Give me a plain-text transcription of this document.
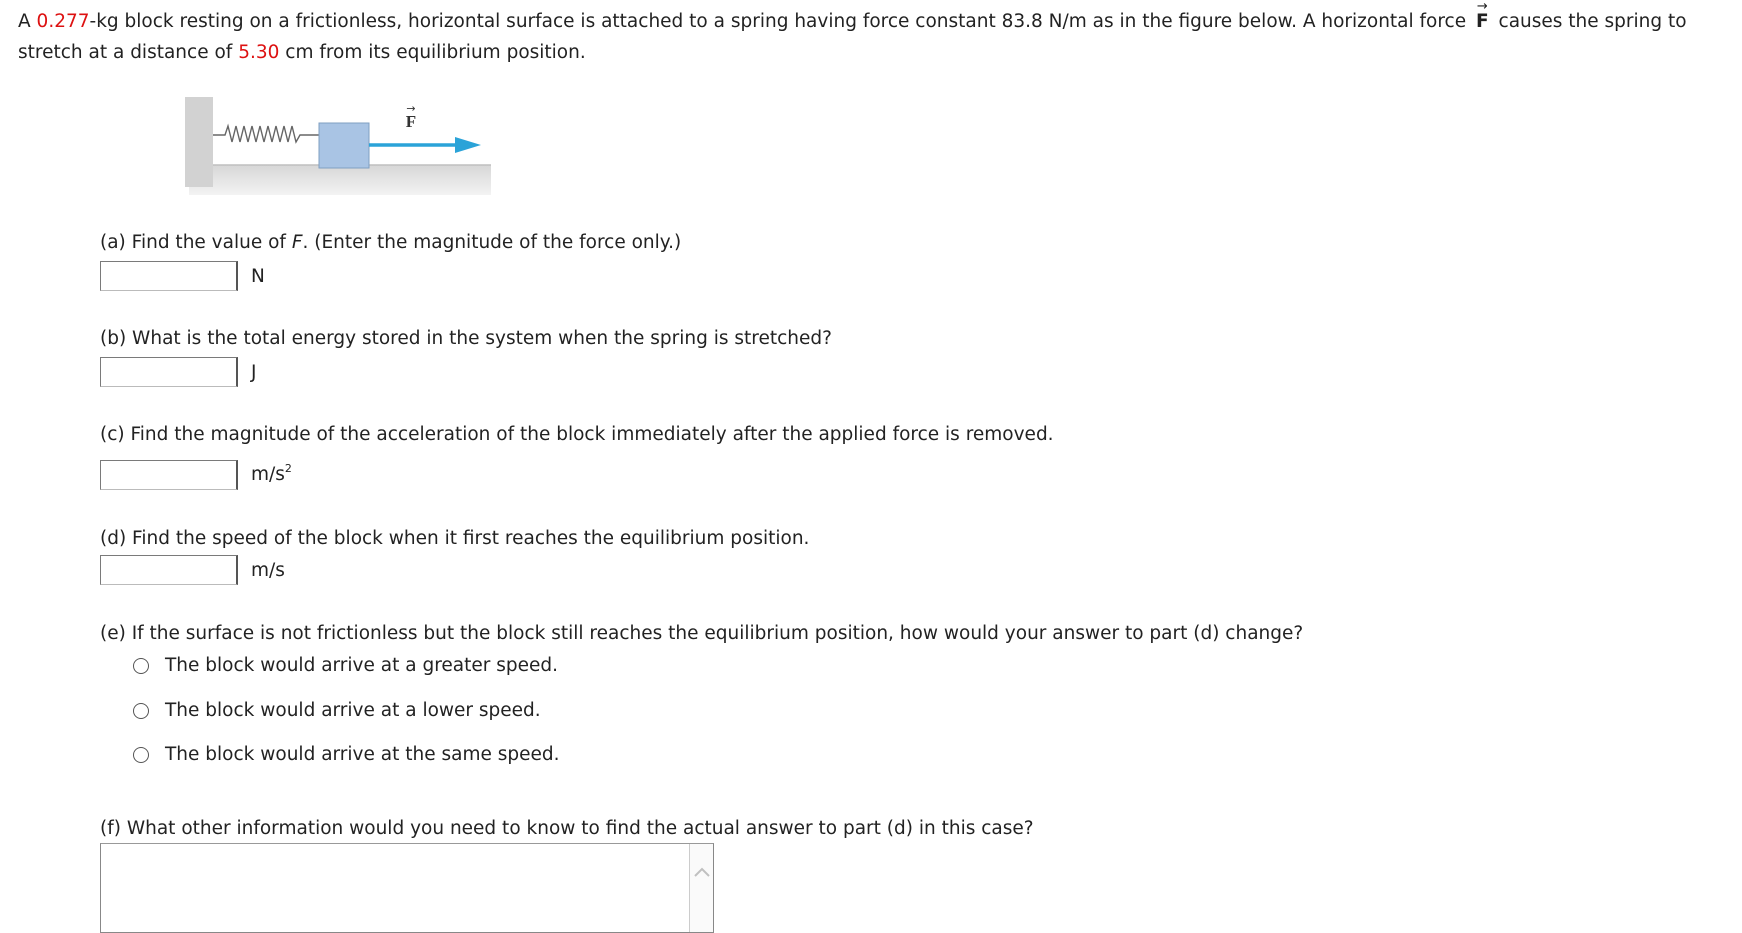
A 0.277-kg block resting on a frictionless, horizontal surface is attached to a spring having force constant 83.8 N/m as in the figure below. A horizontal force → F causes the spring to stretch at a distance of 5.30 cm from its equilibrium position.
F
→
(a) Find the value of F. (Enter the magnitude of the force only.)
N
(b) What is the total energy stored in the system when the spring is stretched?
J
(c) Find the magnitude of the acceleration of the block immediately after the applied force is removed.
$m/s^2$
(d) Find the speed of the block when it first reaches the equilibrium position.
m/s
(e) If the surface is not frictionless but the block still reaches the equilibrium position, how would your answer to part (d) change?
The block would arrive at a greater speed.
The block would arrive at a lower speed.
The block would arrive at the same speed.
(f) What other information would you need to know to find the actual answer to part (d) in this case?
